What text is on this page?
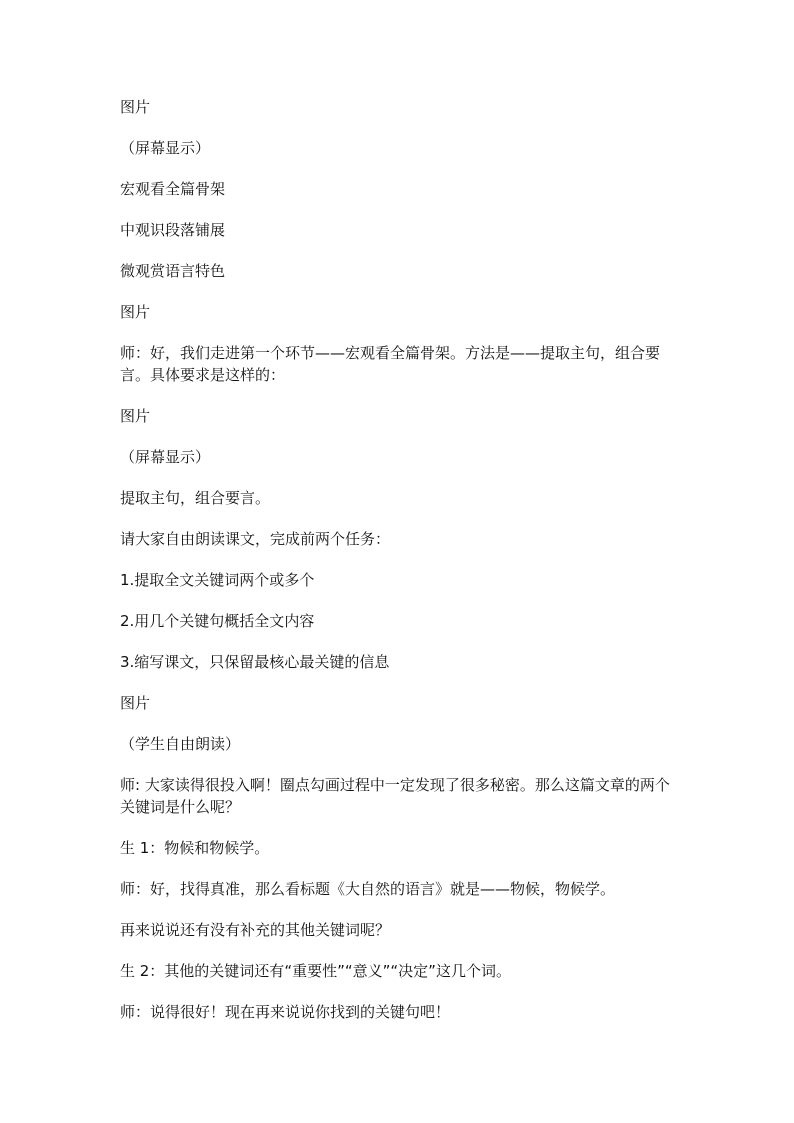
图片

（屏幕显示）

宏观看全篇骨架

中观识段落铺展

微观赏语言特色

图片

师：好，我们走进第一个环节——宏观看全篇骨架。方法是——提取主句，组合要言。具体要求是这样的：

图片

（屏幕显示）

提取主句，组合要言。

请大家自由朗读课文，完成前两个任务：

1.提取全文关键词两个或多个

2.用几个关键句概括全文内容

3.缩写课文，只保留最核心最关键的信息

图片

（学生自由朗读）

师: 大家读得很投入啊！圈点勾画过程中一定发现了很多秘密。那么这篇文章的两个关键词是什么呢？

生 1：物候和物候学。

师：好，找得真准，那么看标题《大自然的语言》就是——物候，物候学。

再来说说还有没有补充的其他关键词呢？

生 2：其他的关键词还有“重要性”“意义”“决定”这几个词。

师：说得很好！现在再来说说你找到的关键句吧！
